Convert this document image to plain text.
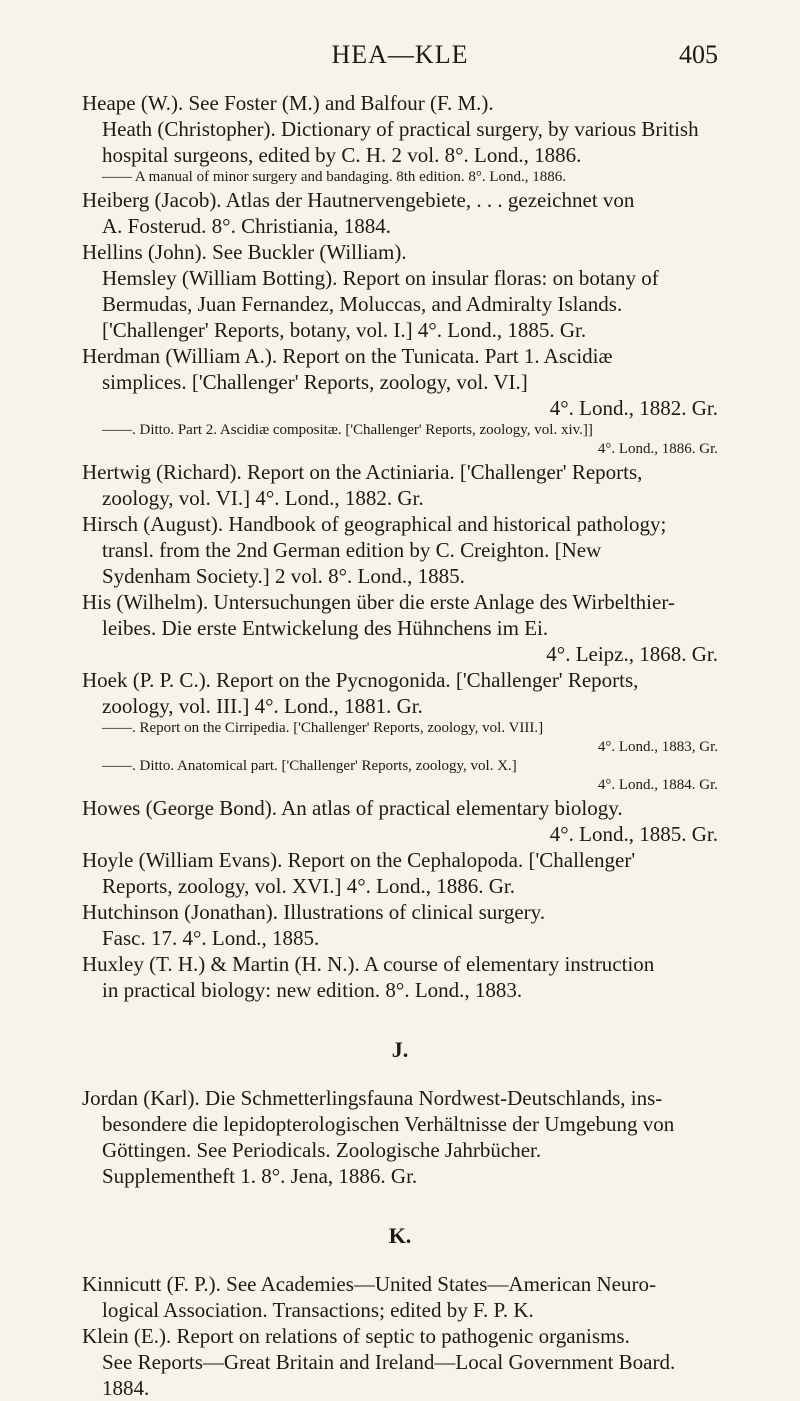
HEA—KLE	405
Heape (W.). See Foster (M.) and Balfour (F. M.).
Heath (Christopher). Dictionary of practical surgery, by various British
hospital surgeons, edited by C. H. 2 vol. 8°. Lond., 1886.
—— A manual of minor surgery and bandaging. 8th edition. 8°. Lond., 1886.
Heiberg (Jacob). Atlas der Hautnervengebiete, . . . gezeichnet von
A. Fosterud. 8°. Christiania, 1884.
Hellins (John). See Buckler (William).
Hemsley (William Botting). Report on insular floras: on botany of
Bermudas, Juan Fernandez, Moluccas, and Admiralty Islands.
['Challenger' Reports, botany, vol. I.] 4°. Lond., 1885. Gr.
Herdman (William A.). Report on the Tunicata. Part 1. Ascidiæ
simplices. ['Challenger' Reports, zoology, vol. VI.]
4°. Lond., 1882. Gr.
——. Ditto. Part 2. Ascidiæ compositæ. ['Challenger' Reports, zoology, vol. xiv.]]
4°. Lond., 1886. Gr.
Hertwig (Richard). Report on the Actiniaria. ['Challenger' Reports,
zoology, vol. VI.] 4°. Lond., 1882. Gr.
Hirsch (August). Handbook of geographical and historical pathology;
transl. from the 2nd German edition by C. Creighton. [New
Sydenham Society.] 2 vol. 8°. Lond., 1885.
His (Wilhelm). Untersuchungen über die erste Anlage des Wirbelthier-
leibes. Die erste Entwickelung des Hühnchens im Ei.
4°. Leipz., 1868. Gr.
Hoek (P. P. C.). Report on the Pycnogonida. ['Challenger' Reports,
zoology, vol. III.] 4°. Lond., 1881. Gr.
——. Report on the Cirripedia. ['Challenger' Reports, zoology, vol. VIII.]
4°. Lond., 1883, Gr.
——. Ditto. Anatomical part. ['Challenger' Reports, zoology, vol. X.]
4°. Lond., 1884. Gr.
Howes (George Bond). An atlas of practical elementary biology.
4°. Lond., 1885. Gr.
Hoyle (William Evans). Report on the Cephalopoda. ['Challenger'
Reports, zoology, vol. XVI.] 4°. Lond., 1886. Gr.
Hutchinson (Jonathan). Illustrations of clinical surgery.
Fasc. 17. 4°. Lond., 1885.
Huxley (T. H.) & Martin (H. N.). A course of elementary instruction
in practical biology: new edition. 8°. Lond., 1883.
J.
Jordan (Karl). Die Schmetterlingsfauna Nordwest-Deutschlands, ins-
besondere die lepidopterologischen Verhältnisse der Umgebung von
Göttingen. See Periodicals. Zoologische Jahrbücher.
Supplementheft 1. 8°. Jena, 1886. Gr.
K.
Kinnicutt (F. P.). See Academies—United States—American Neuro-
logical Association. Transactions; edited by F. P. K.
Klein (E.). Report on relations of septic to pathogenic organisms.
See Reports—Great Britain and Ireland—Local Government Board.
1884.
